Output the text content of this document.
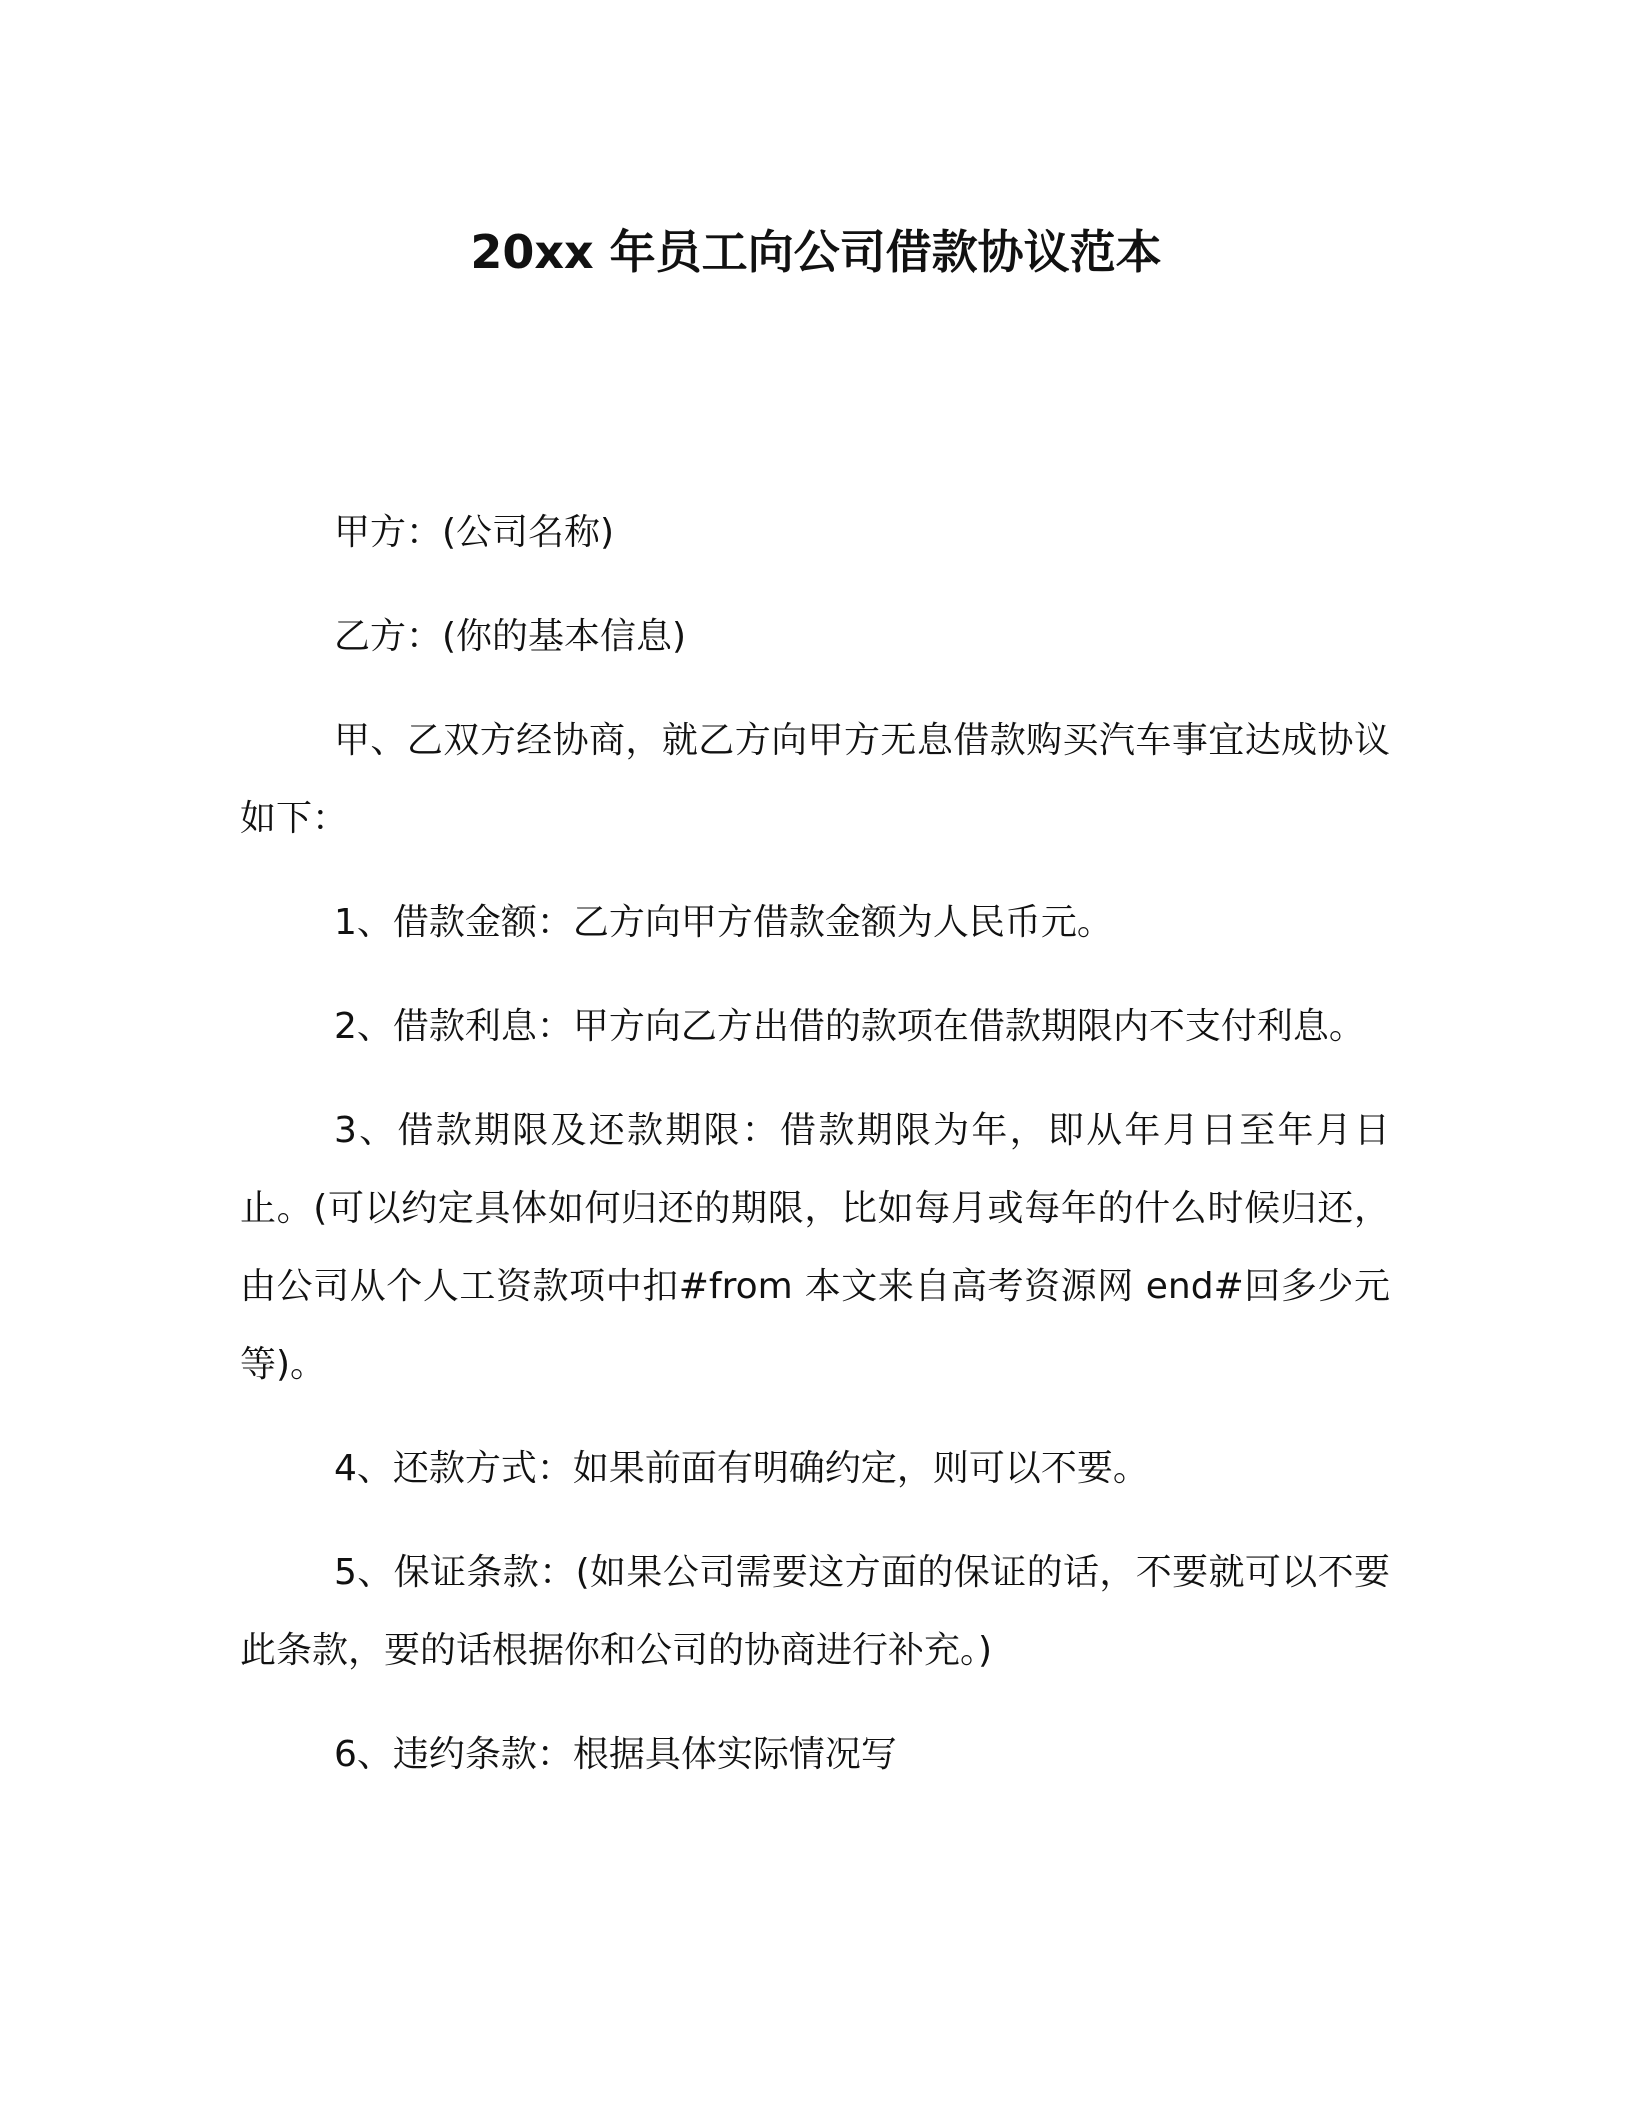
20xx 年员工向公司借款协议范本

甲方：(公司名称)

乙方：(你的基本信息)

甲、乙双方经协商，就乙方向甲方无息借款购买汽车事宜达成协议如下：

1、借款金额：乙方向甲方借款金额为人民币元。

2、借款利息：甲方向乙方出借的款项在借款期限内不支付利息。

3、借款期限及还款期限：借款期限为年，即从年月日至年月日止。(可以约定具体如何归还的期限，比如每月或每年的什么时候归还，由公司从个人工资款项中扣#from 本文来自高考资源网 end#回多少元等)。

4、还款方式：如果前面有明确约定，则可以不要。

5、保证条款：(如果公司需要这方面的保证的话，不要就可以不要此条款，要的话根据你和公司的协商进行补充。)

6、违约条款：根据具体实际情况写
